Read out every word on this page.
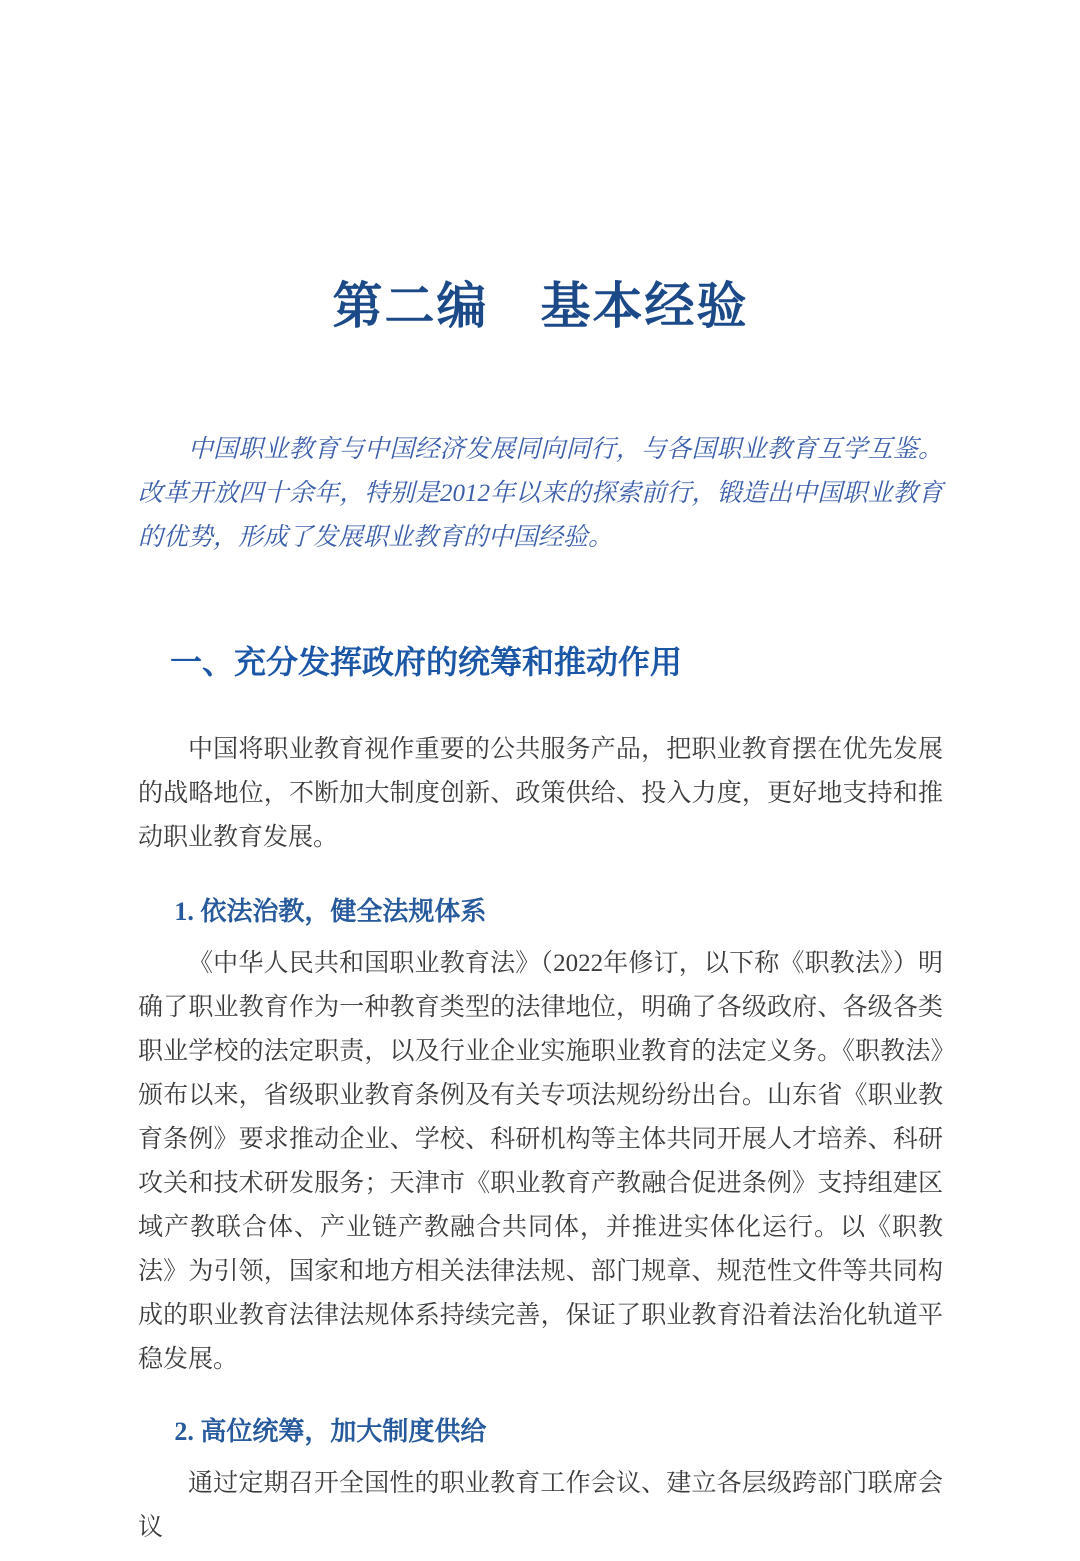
第二编　基本经验

中国职业教育与中国经济发展同向同行，与各国职业教育互学互鉴。改革开放四十余年，特别是2012年以来的探索前行，锻造出中国职业教育的优势，形成了发展职业教育的中国经验。

一、充分发挥政府的统筹和推动作用

中国将职业教育视作重要的公共服务产品，把职业教育摆在优先发展的战略地位，不断加大制度创新、政策供给、投入力度，更好地支持和推动职业教育发展。

1. 依法治教，健全法规体系

《中华人民共和国职业教育法》（2022年修订，以下称《职教法》）明确了职业教育作为一种教育类型的法律地位，明确了各级政府、各级各类职业学校的法定职责，以及行业企业实施职业教育的法定义务。《职教法》颁布以来，省级职业教育条例及有关专项法规纷纷出台。山东省《职业教育条例》要求推动企业、学校、科研机构等主体共同开展人才培养、科研攻关和技术研发服务；天津市《职业教育产教融合促进条例》支持组建区域产教联合体、产业链产教融合共同体，并推进实体化运行。以《职教法》为引领，国家和地方相关法律法规、部门规章、规范性文件等共同构成的职业教育法律法规体系持续完善，保证了职业教育沿着法治化轨道平稳发展。

2. 高位统筹，加大制度供给

通过定期召开全国性的职业教育工作会议、建立各层级跨部门联席会议
